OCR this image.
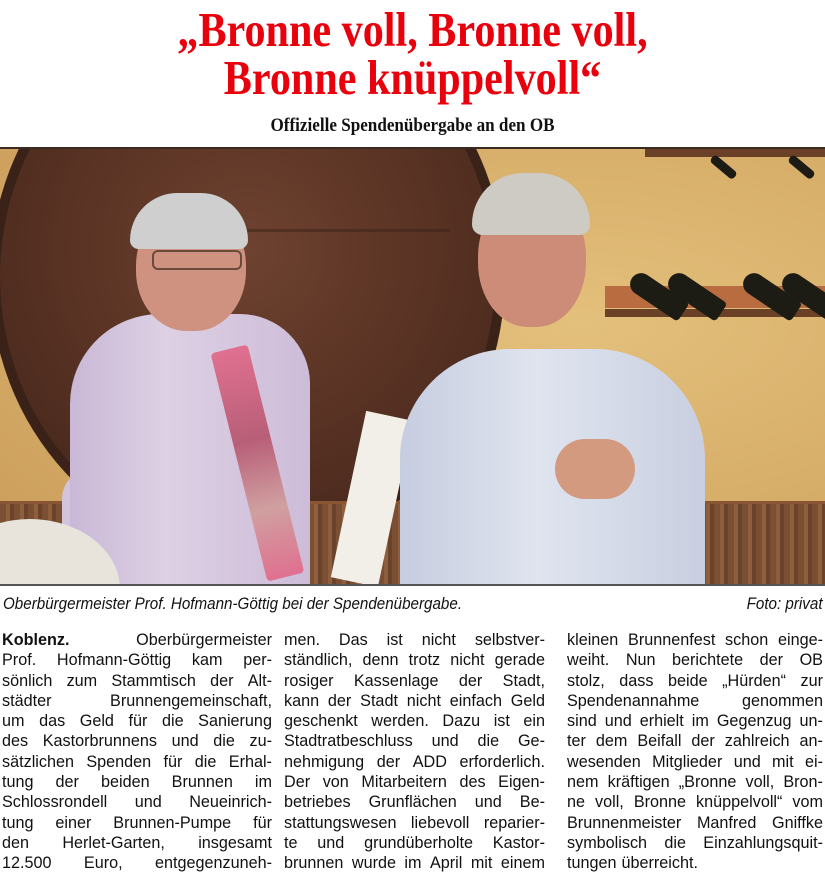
„Bronne voll, Bronne voll,
Bronne knüppelvoll“
Offizielle Spendenübergabe an den OB
Oberbürgermeister Prof. Hofmann-Göttig bei der Spendenübergabe.	Foto: privat
Koblenz.	Oberbürgermeister
Prof. Hofmann-Göttig kam per-
sönlich zum Stammtisch der Alt-
städter	Brunnengemeinschaft,
um das Geld für die Sanierung
des Kastorbrunnens und die zu-
sätzlichen Spenden für die Erhal-
tung der beiden Brunnen im
Schlossrondell und Neueinrich-
tung einer Brunnen-Pumpe für
den Herlet-Garten, insgesamt
12.500 Euro, entgegenzuneh-
men. Das ist nicht selbstver-
ständlich, denn trotz nicht gerade
rosiger Kassenlage der Stadt,
kann der Stadt nicht einfach Geld
geschenkt werden. Dazu ist ein
Stadtratbeschluss und die Ge-
nehmigung der ADD erforderlich.
Der von Mitarbeitern des Eigen-
betriebes Grunflächen und Be-
stattungswesen liebevoll reparier-
te und grundüberholte Kastor-
brunnen wurde im April mit einem
kleinen Brunnenfest schon einge-
weiht. Nun berichtete der OB
stolz, dass beide „Hürden“ zur
Spendenannahme	genommen
sind und erhielt im Gegenzug un-
ter dem Beifall der zahlreich an-
wesenden Mitglieder und mit ei-
nem kräftigen „Bronne voll, Bron-
ne voll, Bronne knüppelvoll“ vom
Brunnenmeister Manfred Gniffke
symbolisch die Einzahlungsquit-
tungen überreicht.
